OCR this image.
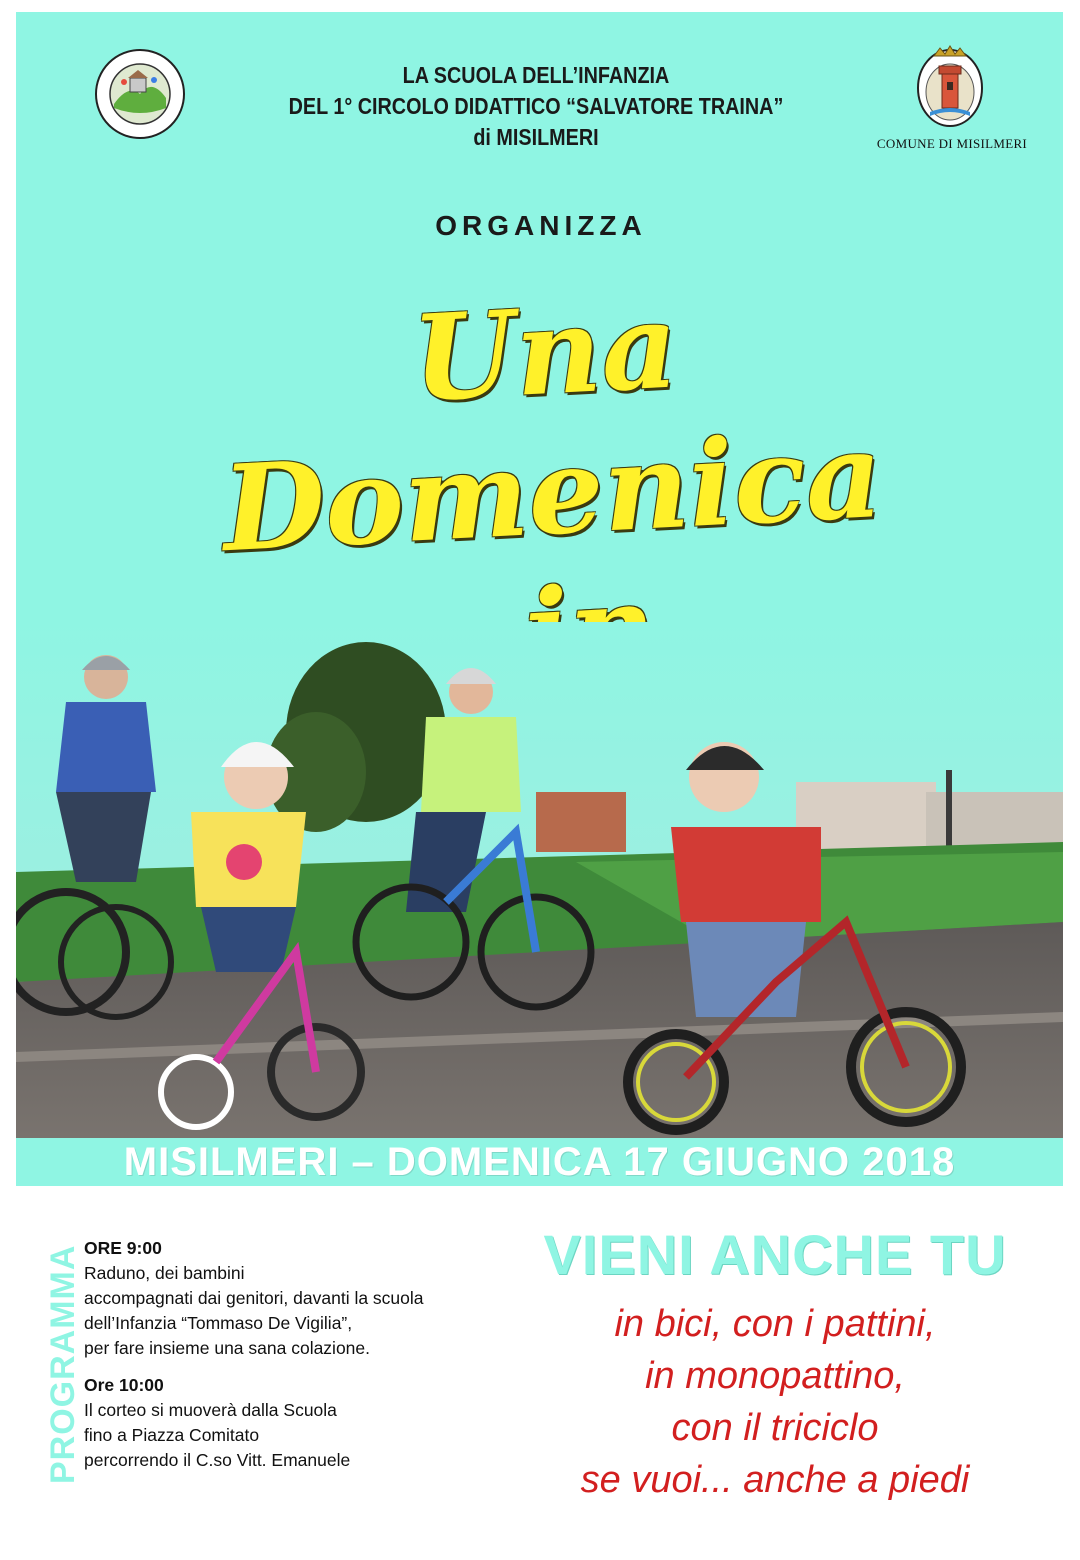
LA SCUOLA DELL’INFANZIA
DEL 1° CIRCOLO DIDATTICO “SALVATORE TRAINA”
di MISILMERI	COMUNE DI MISILMERI
ORGANIZZA
Una Domenica

MISILMERI – DOMENICA 17 GIUGNO 2018
PROGRAMMA ORE 9:00
Raduno, dei bambini
accompagnati dai genitori, davanti la scuola
dell’Infanzia “Tommaso De Vigilia”,
per fare insieme una sana colazione.
Ore 10:00
Il corteo si muoverà dalla Scuola
fino a Piazza Comitato
percorrendo il C.so Vitt. Emanuele
VIENI ANCHE TU
in bici, con i pattini,
in monopattino,
con il triciclo
se vuoi... anche a piedi
